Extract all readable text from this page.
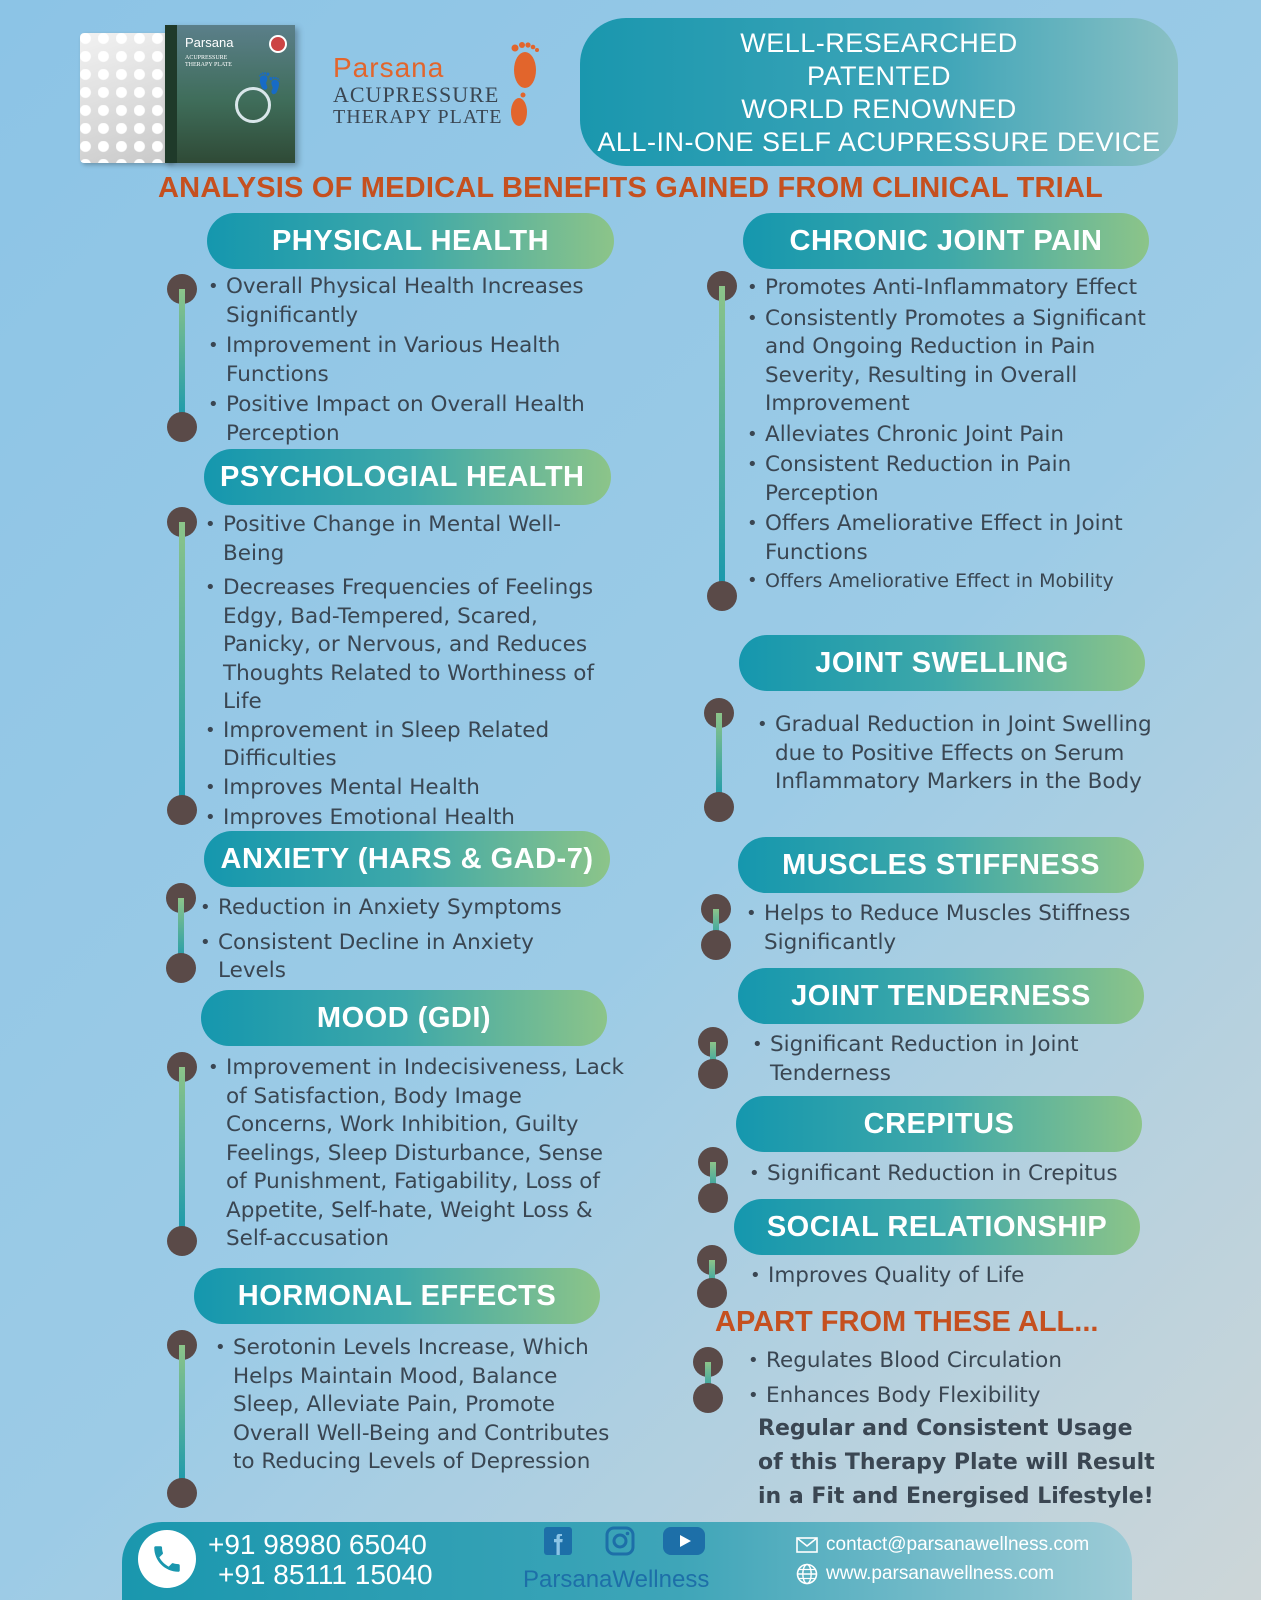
Parsana
ACUPRESSURE
THERAPY PLATE
👣 Parsana
ACUPRESSURE
THERAPY PLATE
WELL-RESEARCHED
PATENTED
WORLD RENOWNED
ALL-IN-ONE SELF ACUPRESSURE DEVICE
ANALYSIS OF MEDICAL BENEFITS GAINED FROM CLINICAL TRIAL
PHYSICAL HEALTH
• Overall Physical Health Increases Significantly
• Improvement in Various Health Functions
• Positive Impact on Overall Health Perception
PSYCHOLOGIAL HEALTH
• Positive Change in Mental Well-Being
• Decreases Frequencies of Feelings Edgy, Bad-Tempered, Scared, Panicky, or Nervous, and Reduces Thoughts Related to Worthiness of Life
• Improvement in Sleep Related Difficulties
• Improves Mental Health
• Improves Emotional Health
ANXIETY (HARS & GAD-7)
• Reduction in Anxiety Symptoms
• Consistent Decline in Anxiety Levels
MOOD (GDI)
• Improvement in Indecisiveness, Lack of Satisfaction, Body Image Concerns, Work Inhibition, Guilty Feelings, Sleep Disturbance, Sense of Punishment, Fatigability, Loss of Appetite, Self-hate, Weight Loss & Self-accusation
HORMONAL EFFECTS
• Serotonin Levels Increase, Which Helps Maintain Mood, Balance Sleep, Alleviate Pain, Promote Overall Well-Being and Contributes to Reducing Levels of Depression
CHRONIC JOINT PAIN
• Promotes Anti-Inflammatory Effect
• Consistently Promotes a Significant and Ongoing Reduction in Pain Severity, Resulting in Overall Improvement
• Alleviates Chronic Joint Pain
• Consistent Reduction in Pain Perception
• Offers Ameliorative Effect in Joint Functions
• Offers Ameliorative Effect in Mobility
JOINT SWELLING
• Gradual Reduction in Joint Swelling due to Positive Effects on Serum Inflammatory Markers in the Body
MUSCLES STIFFNESS
• Helps to Reduce Muscles Stiffness Significantly
JOINT TENDERNESS
• Significant Reduction in Joint Tenderness
CREPITUS
• Significant Reduction in Crepitus
SOCIAL RELATIONSHIP
• Improves Quality of Life
APART FROM THESE ALL...
• Regulates Blood Circulation
• Enhances Body Flexibility
Regular and Consistent Usage of this Therapy Plate will Result in a Fit and Energised Lifestyle!
+91 98980 65040
+91 85111 15040	ParsanaWellness
contact@parsanawellness.com
www.parsanawellness.com
